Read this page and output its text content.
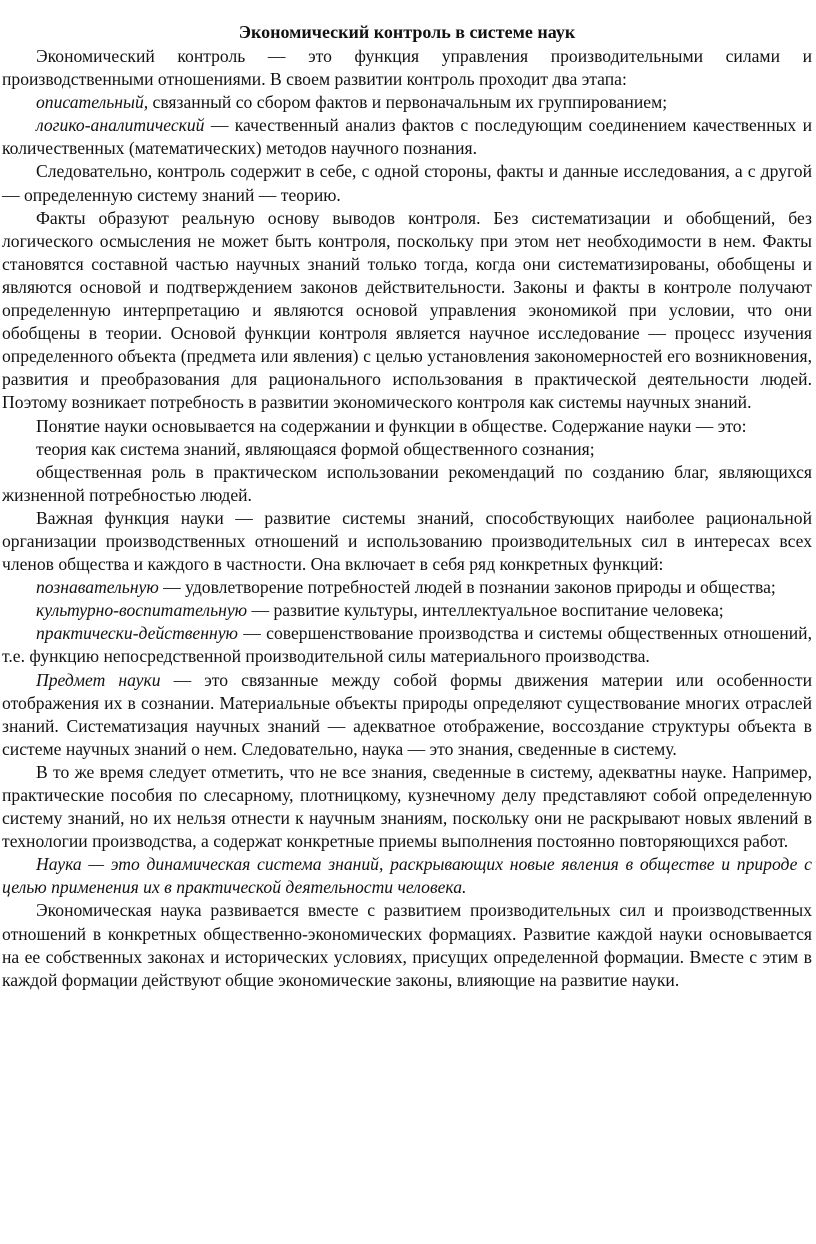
Экономический контроль в системе наук

Экономический контроль — это функция управления производительными силами и производственными отношениями. В своем развитии контроль проходит два этапа:

описательный, связанный со сбором фактов и первоначальным их группированием;

логико-аналитический — качественный анализ фактов с последующим соединением качественных и количественных (математических) методов научного познания.

Следовательно, контроль содержит в себе, с одной стороны, факты и данные исследования, а с другой — определенную систему знаний — теорию.

Факты образуют реальную основу выводов контроля. Без систематизации и обобщений, без логического осмысления не может быть контроля, поскольку при этом нет необходимости в нем. Факты становятся составной частью научных знаний только тогда, когда они систематизированы, обобщены и являются основой и подтверждением законов действительности. Законы и факты в контроле получают определенную интерпретацию и являются основой управления экономикой при условии, что они обобщены в теории. Основой функции контроля является научное исследование — процесс изучения определенного объекта (предмета или явления) с целью установления закономерностей его возникновения, развития и преобразования для рационального использования в практической деятельности людей. Поэтому возникает потребность в развитии экономического контроля как системы научных знаний.

Понятие науки основывается на содержании и функции в обществе. Содержание науки — это:

теория как система знаний, являющаяся формой общественного сознания;

общественная роль в практическом использовании рекомендаций по созданию благ, являющихся жизненной потребностью людей.

Важная функция науки — развитие системы знаний, способствующих наиболее рациональной организации производственных отношений и использованию производительных сил в интересах всех членов общества и каждого в частности. Она включает в себя ряд конкретных функций:

познавательную — удовлетворение потребностей людей в познании законов природы и общества;

культурно-воспитательную — развитие культуры, интеллектуальное воспитание человека;

практически-действенную — совершенствование производства и системы общественных отношений, т.е. функцию непосредственной производительной силы материального производства.

Предмет науки — это связанные между собой формы движения материи или особенности отображения их в сознании. Материальные объекты природы определяют существование многих отраслей знаний. Систематизация научных знаний — адекватное отображение, воссоздание структуры объекта в системе научных знаний о нем. Следовательно, наука — это знания, сведенные в систему.

В то же время следует отметить, что не все знания, сведенные в систему, адекватны науке. Например, практические пособия по слесарному, плотницкому, кузнечному делу представляют собой определенную систему знаний, но их нельзя отнести к научным знаниям, поскольку они не раскрывают новых явлений в технологии производства, а содержат конкретные приемы выполнения постоянно повторяющихся работ.

Наука — это динамическая система знаний, раскрывающих новые явления в обществе и природе с целью применения их в практической деятельности человека.

Экономическая наука развивается вместе с развитием производительных сил и производственных отношений в конкретных общественно-экономических формациях. Развитие каждой науки основывается на ее собственных законах и исторических условиях, присущих определенной формации. Вместе с этим в каждой формации действуют общие экономические законы, влияющие на развитие науки.
